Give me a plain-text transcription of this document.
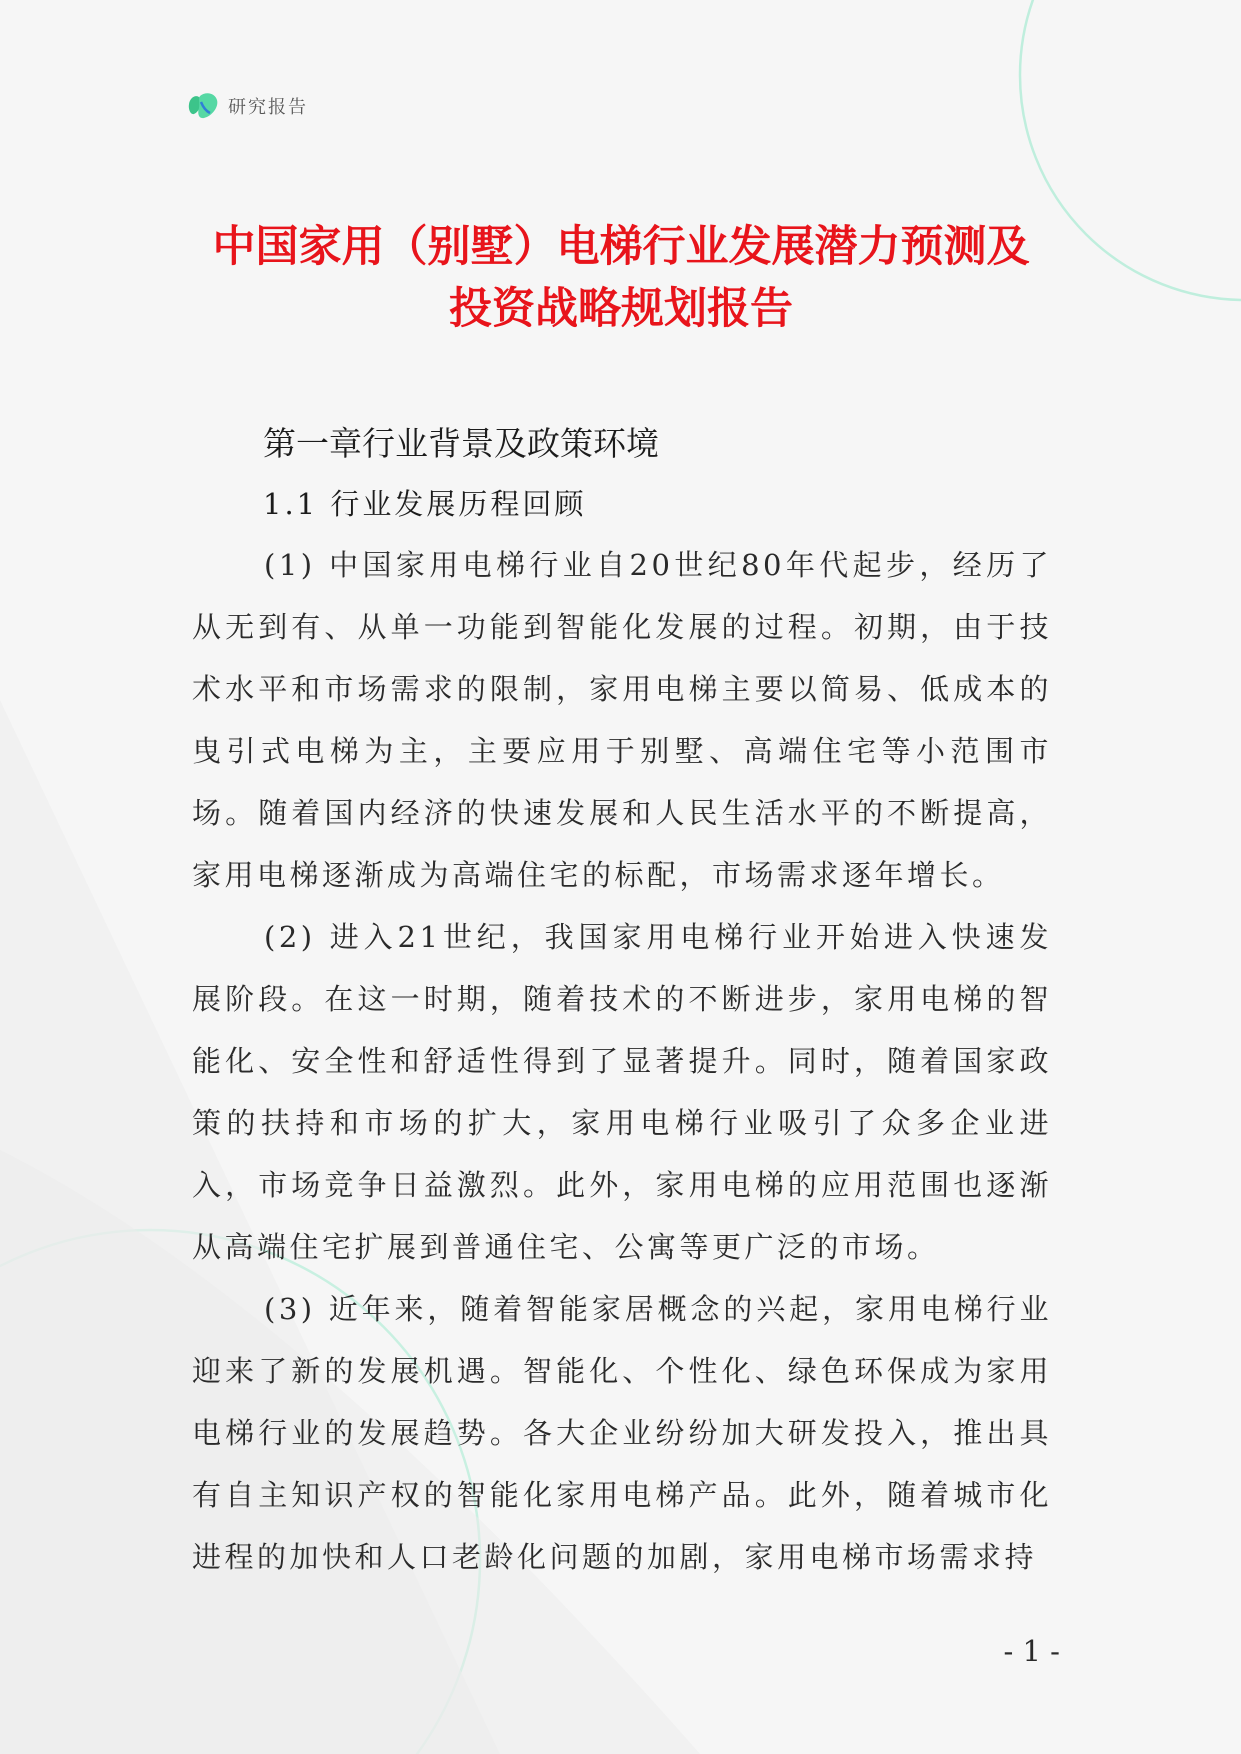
研究报告
中国家用（别墅）电梯行业发展潜力预测及
投资战略规划报告
第一章行业背景及政策环境
1.1 行业发展历程回顾

(1) 中国家用电梯行业自20世纪80年代起步，经历了从无到有、从单一功能到智能化发展的过程。初期，由于技术水平和市场需求的限制，家用电梯主要以简易、低成本的曳引式电梯为主，主要应用于别墅、高端住宅等小范围市场。随着国内经济的快速发展和人民生活水平的不断提高，家用电梯逐渐成为高端住宅的标配，市场需求逐年增长。

(2) 进入21世纪，我国家用电梯行业开始进入快速发展阶段。在这一时期，随着技术的不断进步，家用电梯的智能化、安全性和舒适性得到了显著提升。同时，随着国家政策的扶持和市场的扩大，家用电梯行业吸引了众多企业进入，市场竞争日益激烈。此外，家用电梯的应用范围也逐渐从高端住宅扩展到普通住宅、公寓等更广泛的市场。

(3) 近年来，随着智能家居概念的兴起，家用电梯行业迎来了新的发展机遇。智能化、个性化、绿色环保成为家用电梯行业的发展趋势。各大企业纷纷加大研发投入，推出具有自主知识产权的智能化家用电梯产品。此外，随着城市化进程的加快和人口老龄化问题的加剧，家用电梯市场需求持

- 1 -
